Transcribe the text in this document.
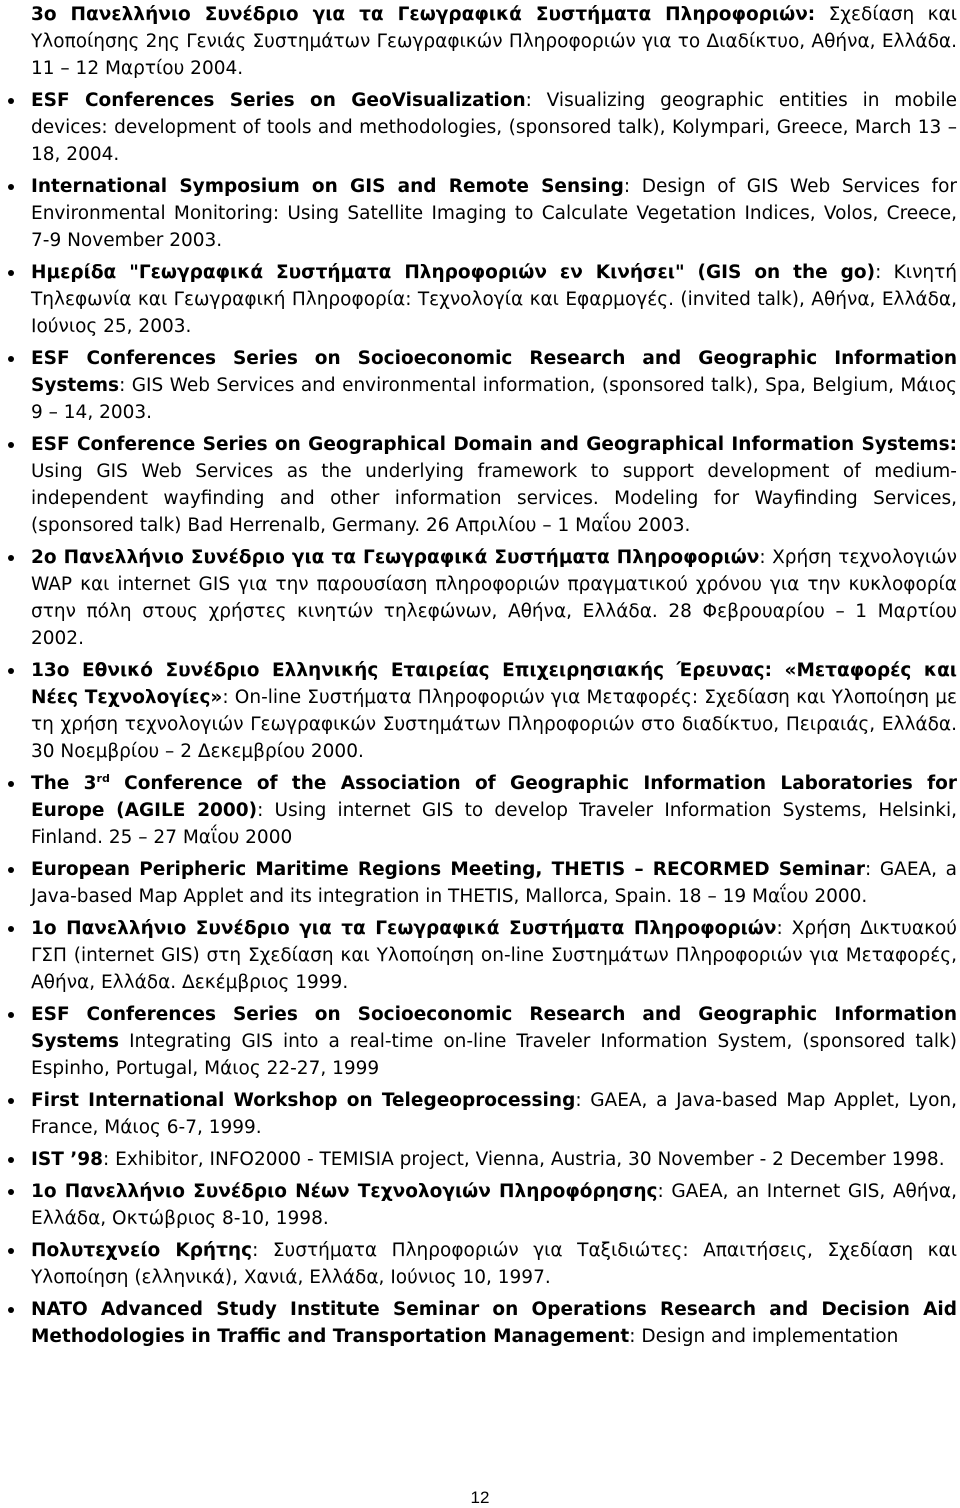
3ο Πανελλήνιο Συνέδριο για τα Γεωγραφικά Συστήματα Πληροφοριών: Σχεδίαση και Υλοποίησης 2ης Γενιάς Συστημάτων Γεωγραφικών Πληροφοριών για το Διαδίκτυο, Αθήνα, Ελλάδα. 11 – 12 Μαρτίου 2004.
ESF Conferences Series on GeoVisualization: Visualizing geographic entities in mobile devices: development of tools and methodologies, (sponsored talk), Kolympari, Greece, March 13 – 18, 2004.
International Symposium on GIS and Remote Sensing: Design of GIS Web Services for Environmental Monitoring: Using Satellite Imaging to Calculate Vegetation Indices, Volos, Creece, 7-9 November 2003.
Ημερίδα "Γεωγραφικά Συστήματα Πληροφοριών εν Κινήσει" (GIS on the go): Κινητή Τηλεφωνία και Γεωγραφική Πληροφορία: Τεχνολογία και Εφαρμογές. (invited talk), Αθήνα, Ελλάδα, Ιούνιος 25, 2003.
ESF Conferences Series on Socioeconomic Research and Geographic Information Systems: GIS Web Services and environmental information, (sponsored talk), Spa, Belgium, Μάιος 9 – 14, 2003.
ESF Conference Series on Geographical Domain and Geographical Information Systems: Using GIS Web Services as the underlying framework to support development of medium-independent wayfinding and other information services. Modeling for Wayfinding Services, (sponsored talk) Bad Herrenalb, Germany. 26 Απριλίου – 1 Μαΐου 2003.
2ο Πανελλήνιο Συνέδριο για τα Γεωγραφικά Συστήματα Πληροφοριών: Χρήση τεχνολογιών WAP και internet GIS για την παρουσίαση πληροφοριών πραγματικού χρόνου για την κυκλοφορία στην πόλη στους χρήστες κινητών τηλεφώνων, Αθήνα, Ελλάδα. 28 Φεβρουαρίου – 1 Μαρτίου 2002.
13ο Εθνικό Συνέδριο Ελληνικής Εταιρείας Επιχειρησιακής Έρευνας: «Μεταφορές και Νέες Τεχνολογίες»: On-line Συστήματα Πληροφοριών για Μεταφορές: Σχεδίαση και Υλοποίηση με τη χρήση τεχνολογιών Γεωγραφικών Συστημάτων Πληροφοριών στο διαδίκτυο, Πειραιάς, Ελλάδα. 30 Νοεμβρίου – 2 Δεκεμβρίου 2000.
The 3rd Conference of the Association of Geographic Information Laboratories for Europe (AGILE 2000): Using internet GIS to develop Traveler Information Systems, Helsinki, Finland. 25 – 27 Μαΐου 2000
European Peripheric Maritime Regions Meeting, THETIS – RECORMED Seminar: GAEA, a Java-based Map Applet and its integration in THETIS, Mallorca, Spain. 18 – 19 Μαΐου 2000.
1ο Πανελλήνιο Συνέδριο για τα Γεωγραφικά Συστήματα Πληροφοριών: Χρήση Δικτυακού ΓΣΠ (internet GIS) στη Σχεδίαση και Υλοποίηση on-line Συστημάτων Πληροφοριών για Μεταφορές, Αθήνα, Ελλάδα. Δεκέμβριος 1999.
ESF Conferences Series on Socioeconomic Research and Geographic Information Systems Integrating GIS into a real-time on-line Traveler Information System, (sponsored talk) Espinho, Portugal, Μάιος 22-27, 1999
First International Workshop on Telegeoprocessing: GAEA, a Java-based Map Applet, Lyon, France, Μάιος 6-7, 1999.
IST ’98: Exhibitor, INFO2000 - TEMISIA project, Vienna, Austria, 30 November - 2 December 1998.
1ο Πανελλήνιο Συνέδριο Νέων Τεχνολογιών Πληροφόρησης: GAEA, an Internet GIS, Αθήνα, Ελλάδα, Οκτώβριος 8-10, 1998.
Πολυτεχνείο Κρήτης: Συστήματα Πληροφοριών για Ταξιδιώτες: Απαιτήσεις, Σχεδίαση και Υλοποίηση (ελληνικά), Χανιά, Ελλάδα, Ιούνιος 10, 1997.
NATO Advanced Study Institute Seminar on Operations Research and Decision Aid Methodologies in Traffic and Transportation Management: Design and implementation
12
